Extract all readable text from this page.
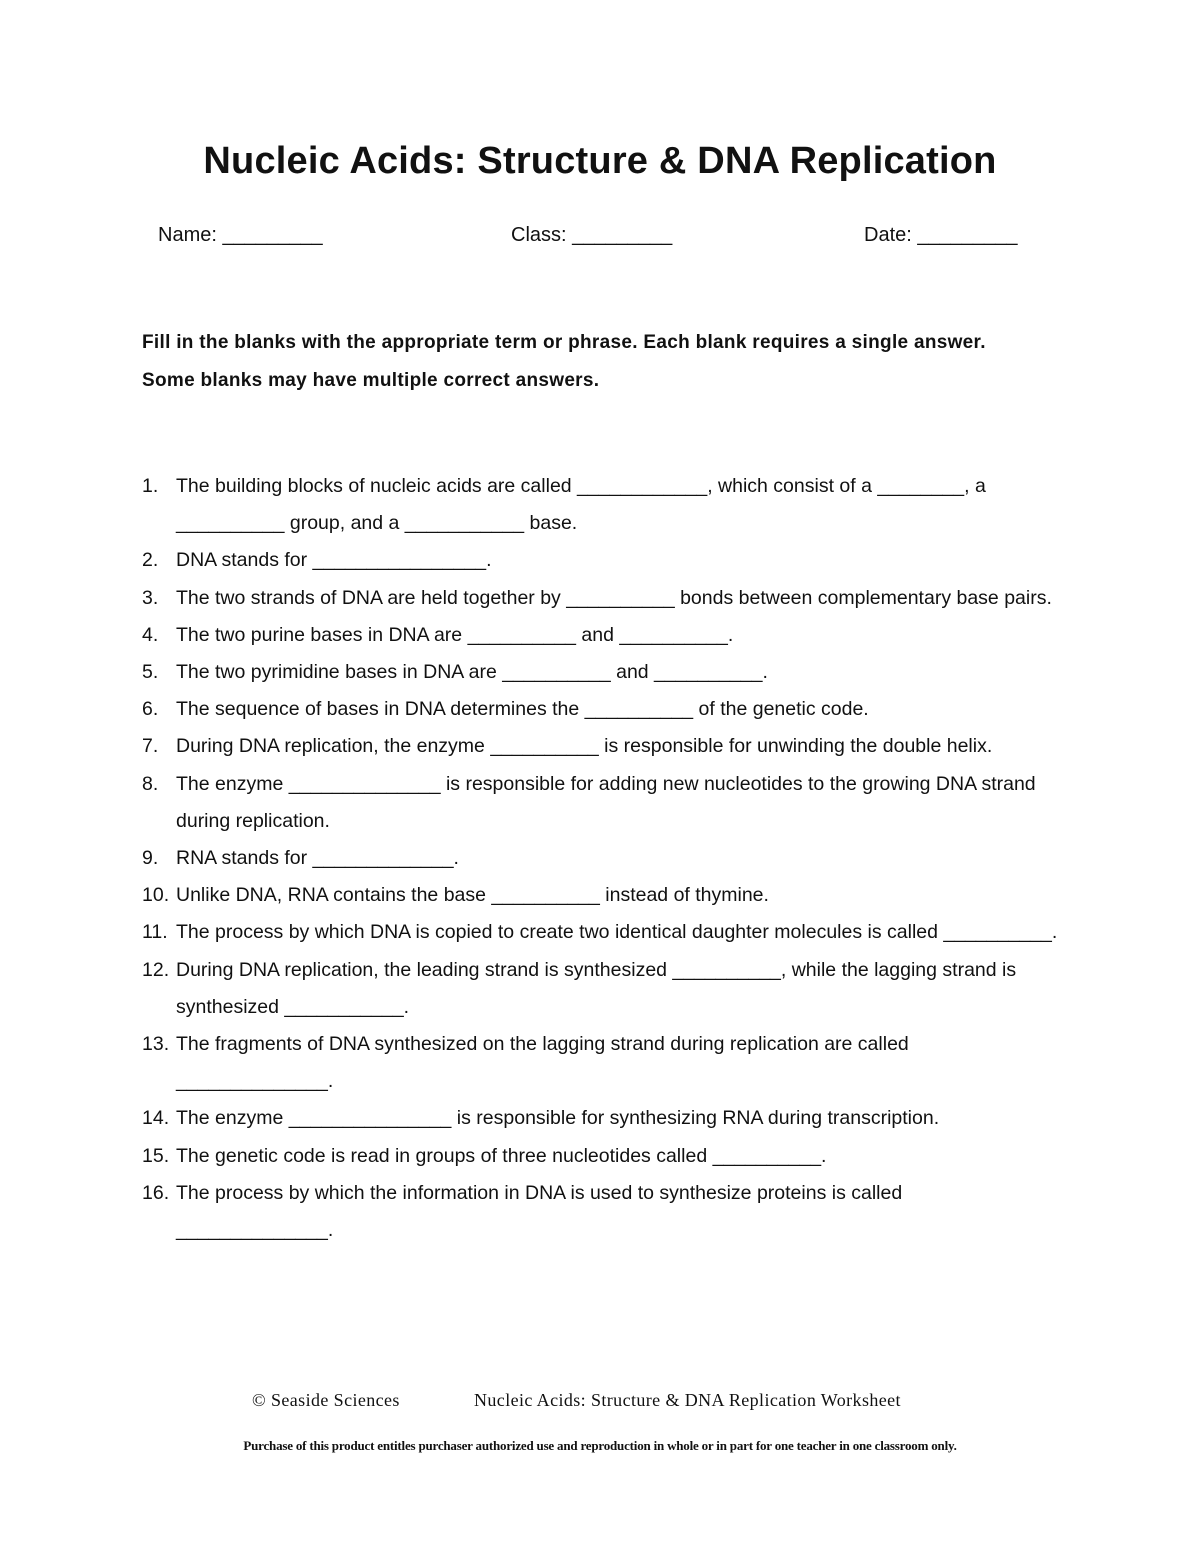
Nucleic Acids: Structure & DNA Replication
Name: _________	Class: _________	Date: _________
Fill in the blanks with the appropriate term or phrase. Each blank requires a single answer. Some blanks may have multiple correct answers.
1. The building blocks of nucleic acids are called ____________, which consist of a ________, a __________ group, and a ___________ base.
2. DNA stands for ________________.
3. The two strands of DNA are held together by __________ bonds between complementary base pairs.
4. The two purine bases in DNA are __________ and __________.
5. The two pyrimidine bases in DNA are __________ and __________.
6. The sequence of bases in DNA determines the __________ of the genetic code.
7. During DNA replication, the enzyme __________ is responsible for unwinding the double helix.
8. The enzyme ______________ is responsible for adding new nucleotides to the growing DNA strand during replication.
9. RNA stands for _____________.
10. Unlike DNA, RNA contains the base __________ instead of thymine.
11. The process by which DNA is copied to create two identical daughter molecules is called __________.
12. During DNA replication, the leading strand is synthesized __________, while the lagging strand is synthesized ___________.
13. The fragments of DNA synthesized on the lagging strand during replication are called ______________.
14. The enzyme _______________ is responsible for synthesizing RNA during transcription.
15. The genetic code is read in groups of three nucleotides called __________.
16. The process by which the information in DNA is used to synthesize proteins is called ______________.
© Seaside Sciences	Nucleic Acids: Structure & DNA Replication Worksheet
Purchase of this product entitles purchaser authorized use and reproduction in whole or in part for one teacher in one classroom only.
